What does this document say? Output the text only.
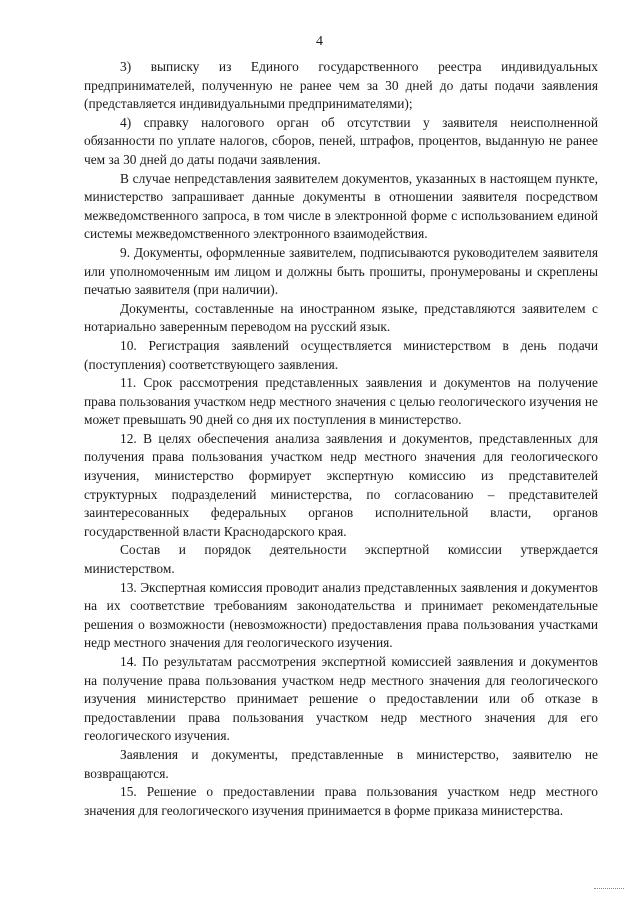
4

3) выписку из Единого государственного реестра индивидуальных предпринимателей, полученную не ранее чем за 30 дней до даты подачи заявления (представляется индивидуальными предпринимателями);

4) справку налогового орган об отсутствии у заявителя неисполненной обязанности по уплате налогов, сборов, пеней, штрафов, процентов, выданную не ранее чем за 30 дней до даты подачи заявления.

В случае непредставления заявителем документов, указанных в настоящем пункте, министерство запрашивает данные документы в отношении заявителя посредством межведомственного запроса, в том числе в электронной форме с использованием единой системы межведомственного электронного взаимодействия.

9. Документы, оформленные заявителем, подписываются руководителем заявителя или уполномоченным им лицом и должны быть прошиты, пронумерованы и скреплены печатью заявителя (при наличии).

Документы, составленные на иностранном языке, представляются заявителем с нотариально заверенным переводом на русский язык.

10. Регистрация заявлений осуществляется министерством в день подачи (поступления) соответствующего заявления.

11. Срок рассмотрения представленных заявления и документов на получение права пользования участком недр местного значения с целью геологического изучения не может превышать 90 дней со дня их поступления в министерство.

12. В целях обеспечения анализа заявления и документов, представленных для получения права пользования участком недр местного значения для геологического изучения, министерство формирует экспертную комиссию из представителей структурных подразделений министерства, по согласованию – представителей заинтересованных федеральных органов исполнительной власти, органов государственной власти Краснодарского края.

Состав и порядок деятельности экспертной комиссии утверждается министерством.

13. Экспертная комиссия проводит анализ представленных заявления и документов на их соответствие требованиям законодательства и принимает рекомендательные решения о возможности (невозможности) предоставления права пользования участками недр местного значения для геологического изучения.

14. По результатам рассмотрения экспертной комиссией заявления и документов на получение права пользования участком недр местного значения для геологического изучения министерство принимает решение о предоставлении или об отказе в предоставлении права пользования участком недр местного значения для его геологического изучения.

Заявления и документы, представленные в министерство, заявителю не возвращаются.

15. Решение о предоставлении права пользования участком недр местного значения для геологического изучения принимается в форме приказа министерства.
